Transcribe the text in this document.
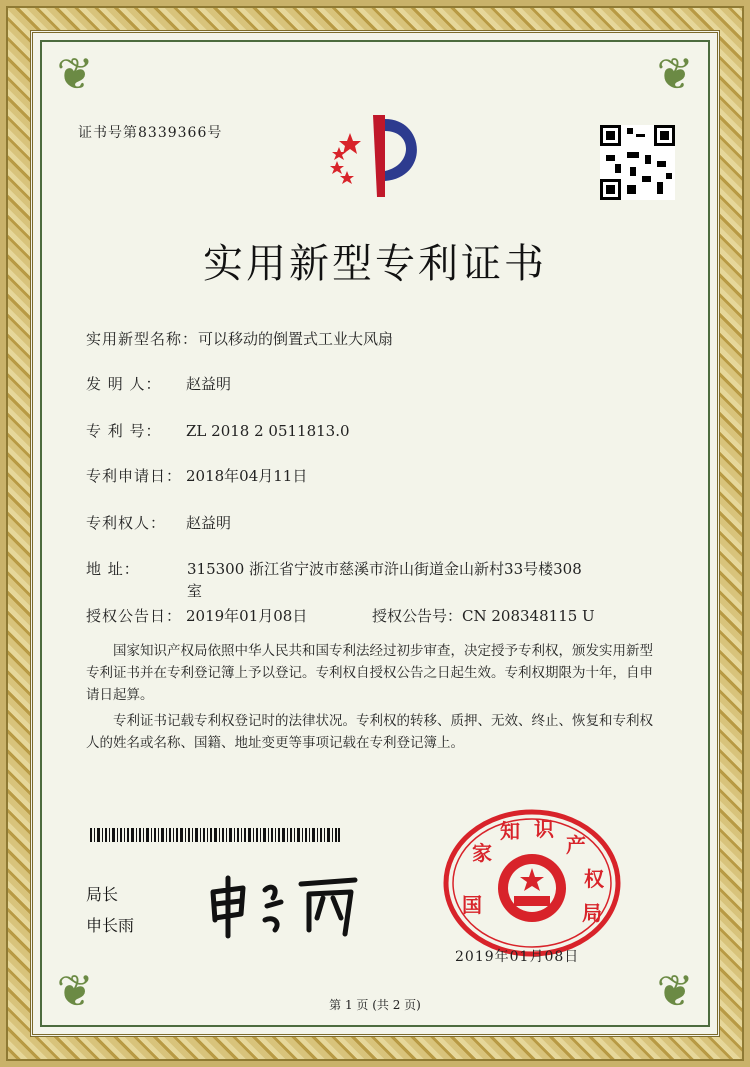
❦	❦
❦	❦
证书号第8339366号
实用新型专利证书
实用新型名称：可以移动的倒置式工业大风扇
发 明 人： 赵益明
专 利 号： ZL 2018 2 0511813.0
专利申请日： 2018年04月11日
专利权人： 赵益明
地 址：	315300 浙江省宁波市慈溪市浒山街道金山新村33号楼308室
授权公告日： 2019年01月08日	授权公告号：CN 208348115 U
国家知识产权局依照中华人民共和国专利法经过初步审查，决定授予专利权，颁发实用新型专利证书并在专利登记簿上予以登记。专利权自授权公告之日起生效。专利权期限为十年，自申请日起算。
专利证书记载专利权登记时的法律状况。专利权的转移、质押、无效、终止、恢复和专利权人的姓名或名称、国籍、地址变更等事项记载在专利登记簿上。
局长
申长雨
国
家
知 识
产
权
局
2019年01月08日
第 1 页 (共 2 页)
